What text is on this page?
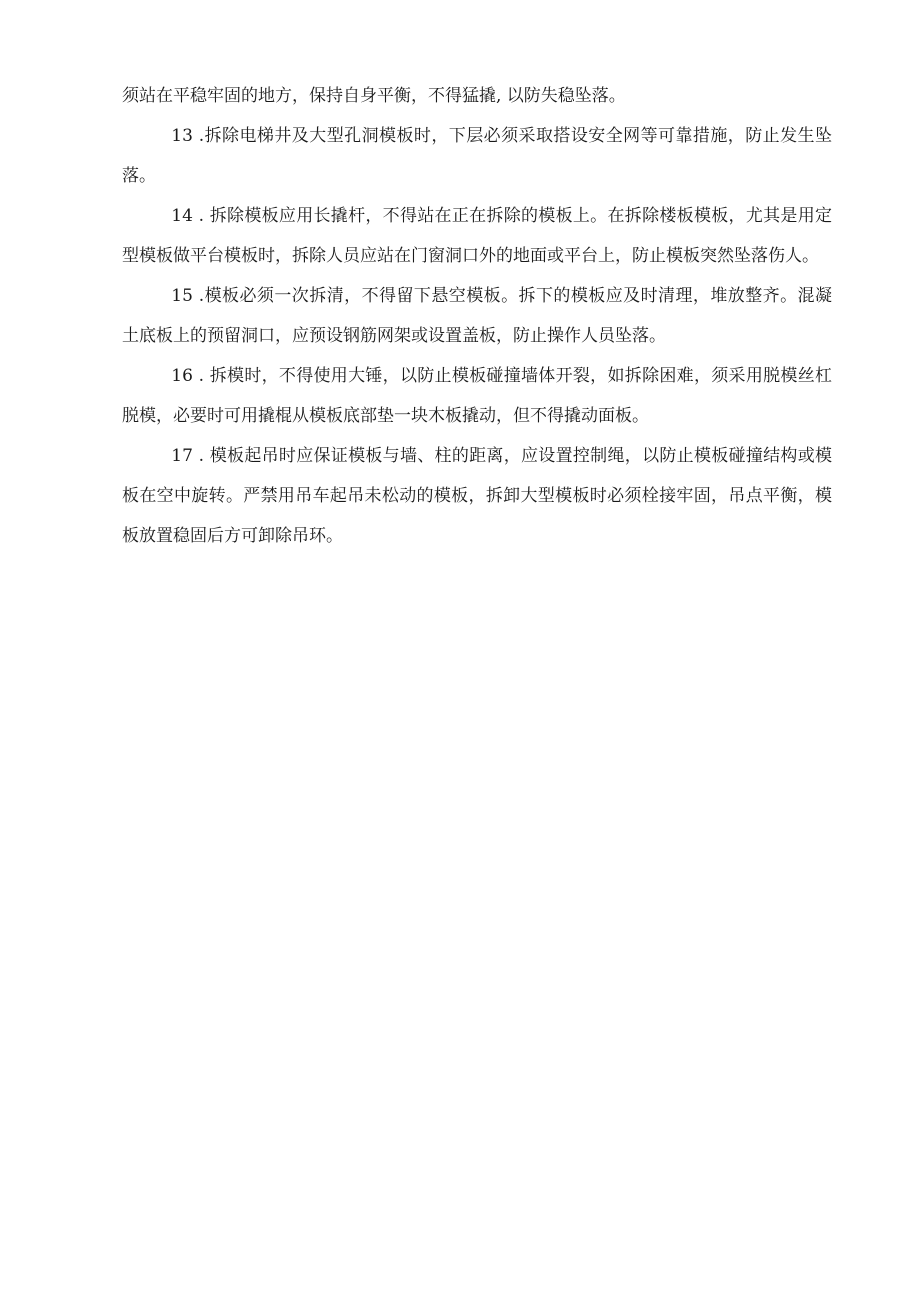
须站在平稳牢固的地方，保持自身平衡，不得猛撬, 以防失稳坠落。

13 .拆除电梯井及大型孔洞模板时，下层必须采取搭设安全网等可靠措施，防止发生坠落。

14 . 拆除模板应用长撬杆，不得站在正在拆除的模板上。在拆除楼板模板，尤其是用定型模板做平台模板时，拆除人员应站在门窗洞口外的地面或平台上，防止模板突然坠落伤人。

15 .模板必须一次拆清，不得留下悬空模板。拆下的模板应及时清理，堆放整齐。混凝土底板上的预留洞口，应预设钢筋网架或设置盖板，防止操作人员坠落。

16 . 拆模时，不得使用大锤，以防止模板碰撞墙体开裂，如拆除困难，须采用脱模丝杠脱模，必要时可用撬棍从模板底部垫一块木板撬动，但不得撬动面板。

17 . 模板起吊时应保证模板与墙、柱的距离，应设置控制绳，以防止模板碰撞结构或模板在空中旋转。严禁用吊车起吊未松动的模板，拆卸大型模板时必须栓接牢固，吊点平衡，模板放置稳固后方可卸除吊环。
